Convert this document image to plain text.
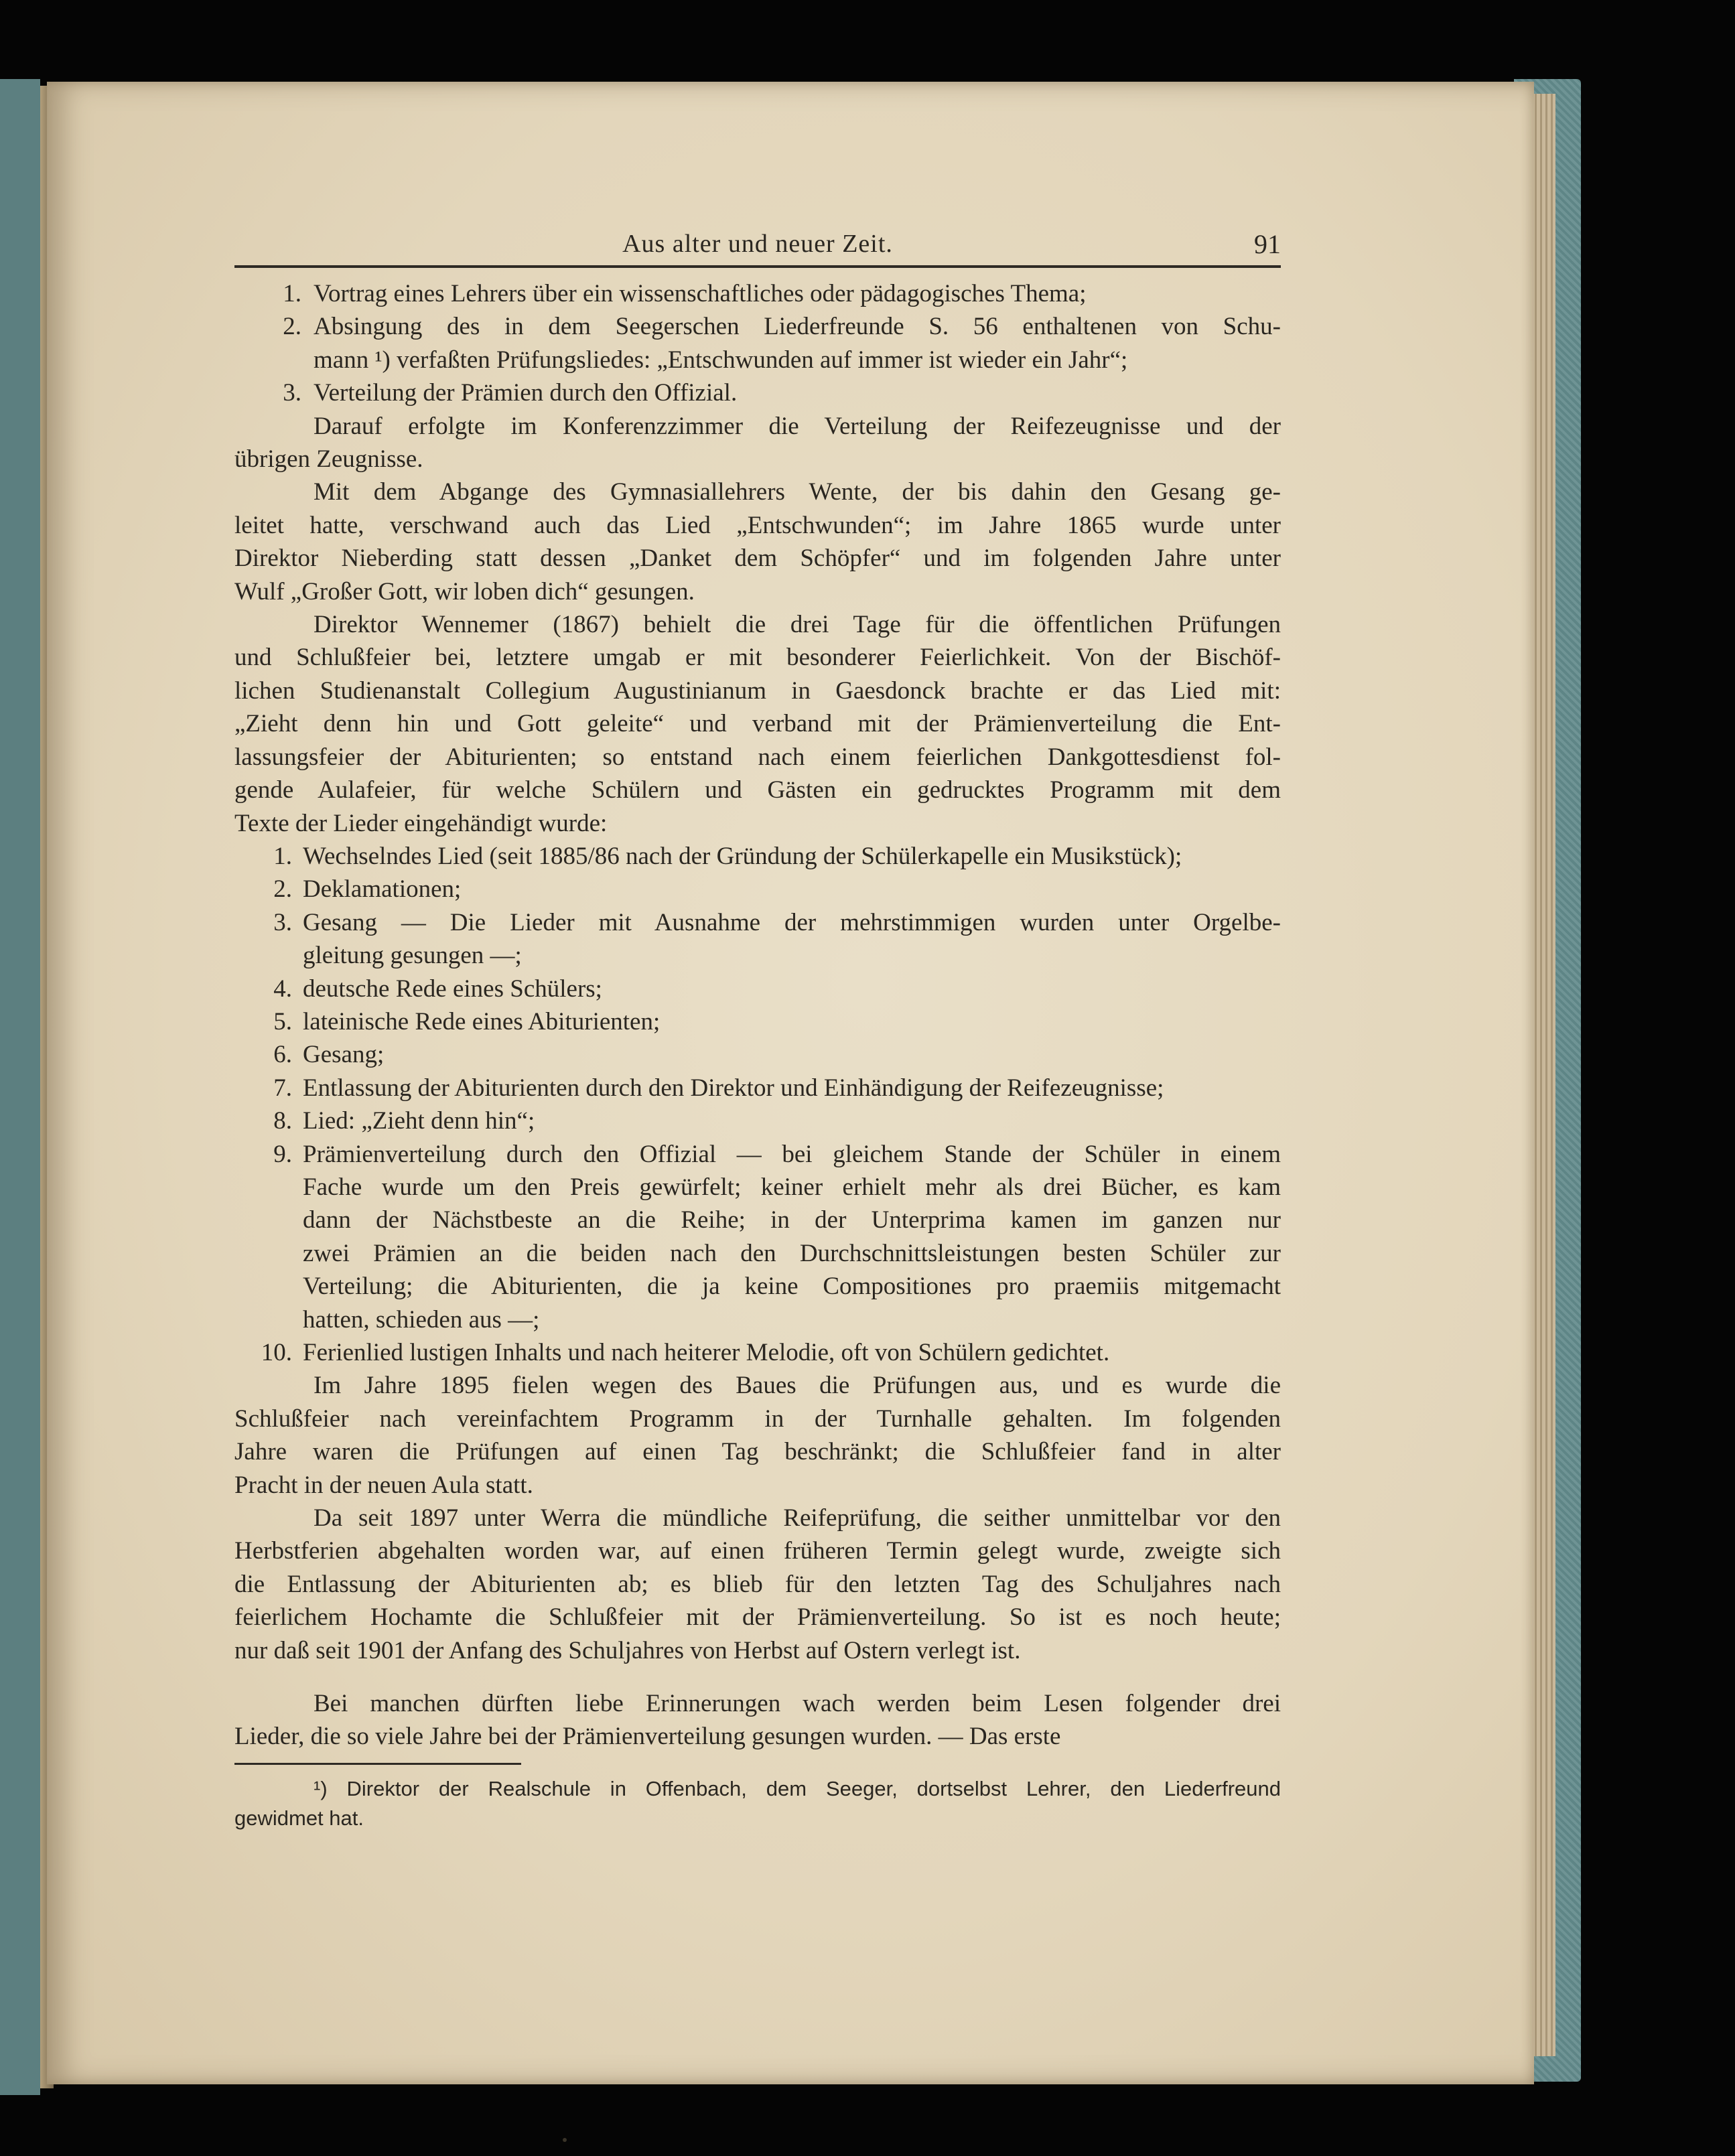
Aus alter und neuer Zeit.	91
1. Vortrag eines Lehrers über ein wissenschaftliches oder pädagogisches Thema;

2. Absingung des in dem Seegerschen Liederfreunde S. 56 enthaltenen von Schu-

mann ¹) verfaßten Prüfungsliedes: „Entschwunden auf immer ist wieder ein Jahr“;

3. Verteilung der Prämien durch den Offizial.

Darauf erfolgte im Konferenzzimmer die Verteilung der Reifezeugnisse und der

übrigen Zeugnisse.

Mit dem Abgange des Gymnasiallehrers Wente, der bis dahin den Gesang ge-

leitet hatte, verschwand auch das Lied „Entschwunden“; im Jahre 1865 wurde unter

Direktor Nieberding statt dessen „Danket dem Schöpfer“ und im folgenden Jahre unter

Wulf „Großer Gott, wir loben dich“ gesungen.

Direktor Wennemer (1867) behielt die drei Tage für die öffentlichen Prüfungen

und Schlußfeier bei, letztere umgab er mit besonderer Feierlichkeit. Von der Bischöf-

lichen Studienanstalt Collegium Augustinianum in Gaesdonck brachte er das Lied mit:

„Zieht denn hin und Gott geleite“ und verband mit der Prämienverteilung die Ent-

lassungsfeier der Abiturienten; so entstand nach einem feierlichen Dankgottesdienst fol-

gende Aulafeier, für welche Schülern und Gästen ein gedrucktes Programm mit dem

Texte der Lieder eingehändigt wurde:

1. Wechselndes Lied (seit 1885/86 nach der Gründung der Schülerkapelle ein Musikstück);

2. Deklamationen;

3. Gesang — Die Lieder mit Ausnahme der mehrstimmigen wurden unter Orgelbe-

gleitung gesungen —;

4. deutsche Rede eines Schülers;

5. lateinische Rede eines Abiturienten;

6. Gesang;

7. Entlassung der Abiturienten durch den Direktor und Einhändigung der Reifezeugnisse;

8. Lied: „Zieht denn hin“;

9. Prämienverteilung durch den Offizial — bei gleichem Stande der Schüler in einem

Fache wurde um den Preis gewürfelt; keiner erhielt mehr als drei Bücher, es kam

dann der Nächstbeste an die Reihe; in der Unterprima kamen im ganzen nur

zwei Prämien an die beiden nach den Durchschnittsleistungen besten Schüler zur

Verteilung; die Abiturienten, die ja keine Compositiones pro praemiis mitgemacht

hatten, schieden aus —;

10. Ferienlied lustigen Inhalts und nach heiterer Melodie, oft von Schülern gedichtet.

Im Jahre 1895 fielen wegen des Baues die Prüfungen aus, und es wurde die

Schlußfeier nach vereinfachtem Programm in der Turnhalle gehalten. Im folgenden

Jahre waren die Prüfungen auf einen Tag beschränkt; die Schlußfeier fand in alter

Pracht in der neuen Aula statt.

Da seit 1897 unter Werra die mündliche Reifeprüfung, die seither unmittelbar vor den

Herbstferien abgehalten worden war, auf einen früheren Termin gelegt wurde, zweigte sich

die Entlassung der Abiturienten ab; es blieb für den letzten Tag des Schuljahres nach

feierlichem Hochamte die Schlußfeier mit der Prämienverteilung. So ist es noch heute;

nur daß seit 1901 der Anfang des Schuljahres von Herbst auf Ostern verlegt ist.

Bei manchen dürften liebe Erinnerungen wach werden beim Lesen folgender drei

Lieder, die so viele Jahre bei der Prämienverteilung gesungen wurden. — Das erste

¹) Direktor der Realschule in Offenbach, dem Seeger, dortselbst Lehrer, den Liederfreund

gewidmet hat.
